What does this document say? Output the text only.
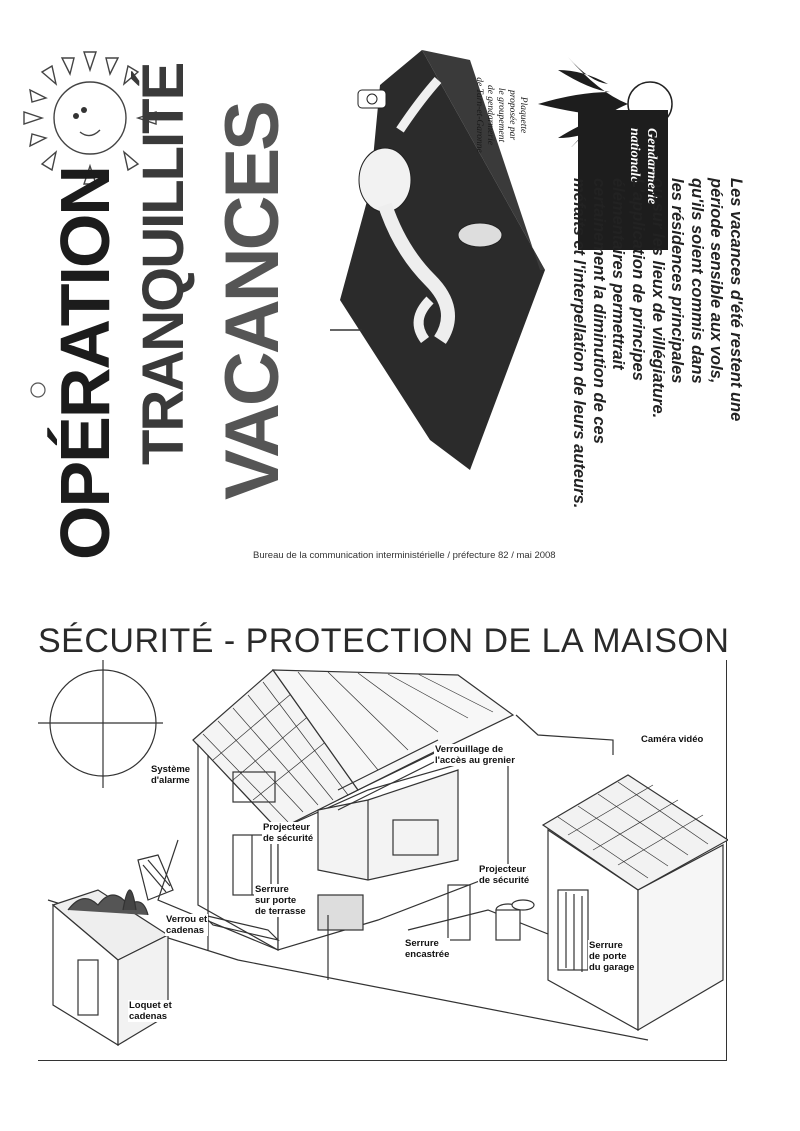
OPÉRATION TRANQUILLITÉ VACANCES	Plaquette
proposée par
le groupement
de gendarmerie
de Tarn-et-Garonne
Gendarmerie
nationale
Les vacances d'été restent une
période sensible aux vols,
qu'ils soient commis dans
les résidences principales
ou sur les lieux de villégiature.
L'application de principes
élémentaires permettrait
certainement la diminution de ces
méfaits et l'interpellation de leurs auteurs.
Bureau de la communication interministérielle / préfecture 82 / mai 2008
SÉCURITÉ - PROTECTION DE LA MAISON
Système
d'alarme
Verrouillage de
l'accès au grenier
Caméra vidéo
Projecteur
de sécurité
Projecteur
de sécurité
Serrure
sur porte
de terrasse
Verrou et
cadenas
Serrure
encastrée
Serrure
de porte
du garage
Loquet et
cadenas
